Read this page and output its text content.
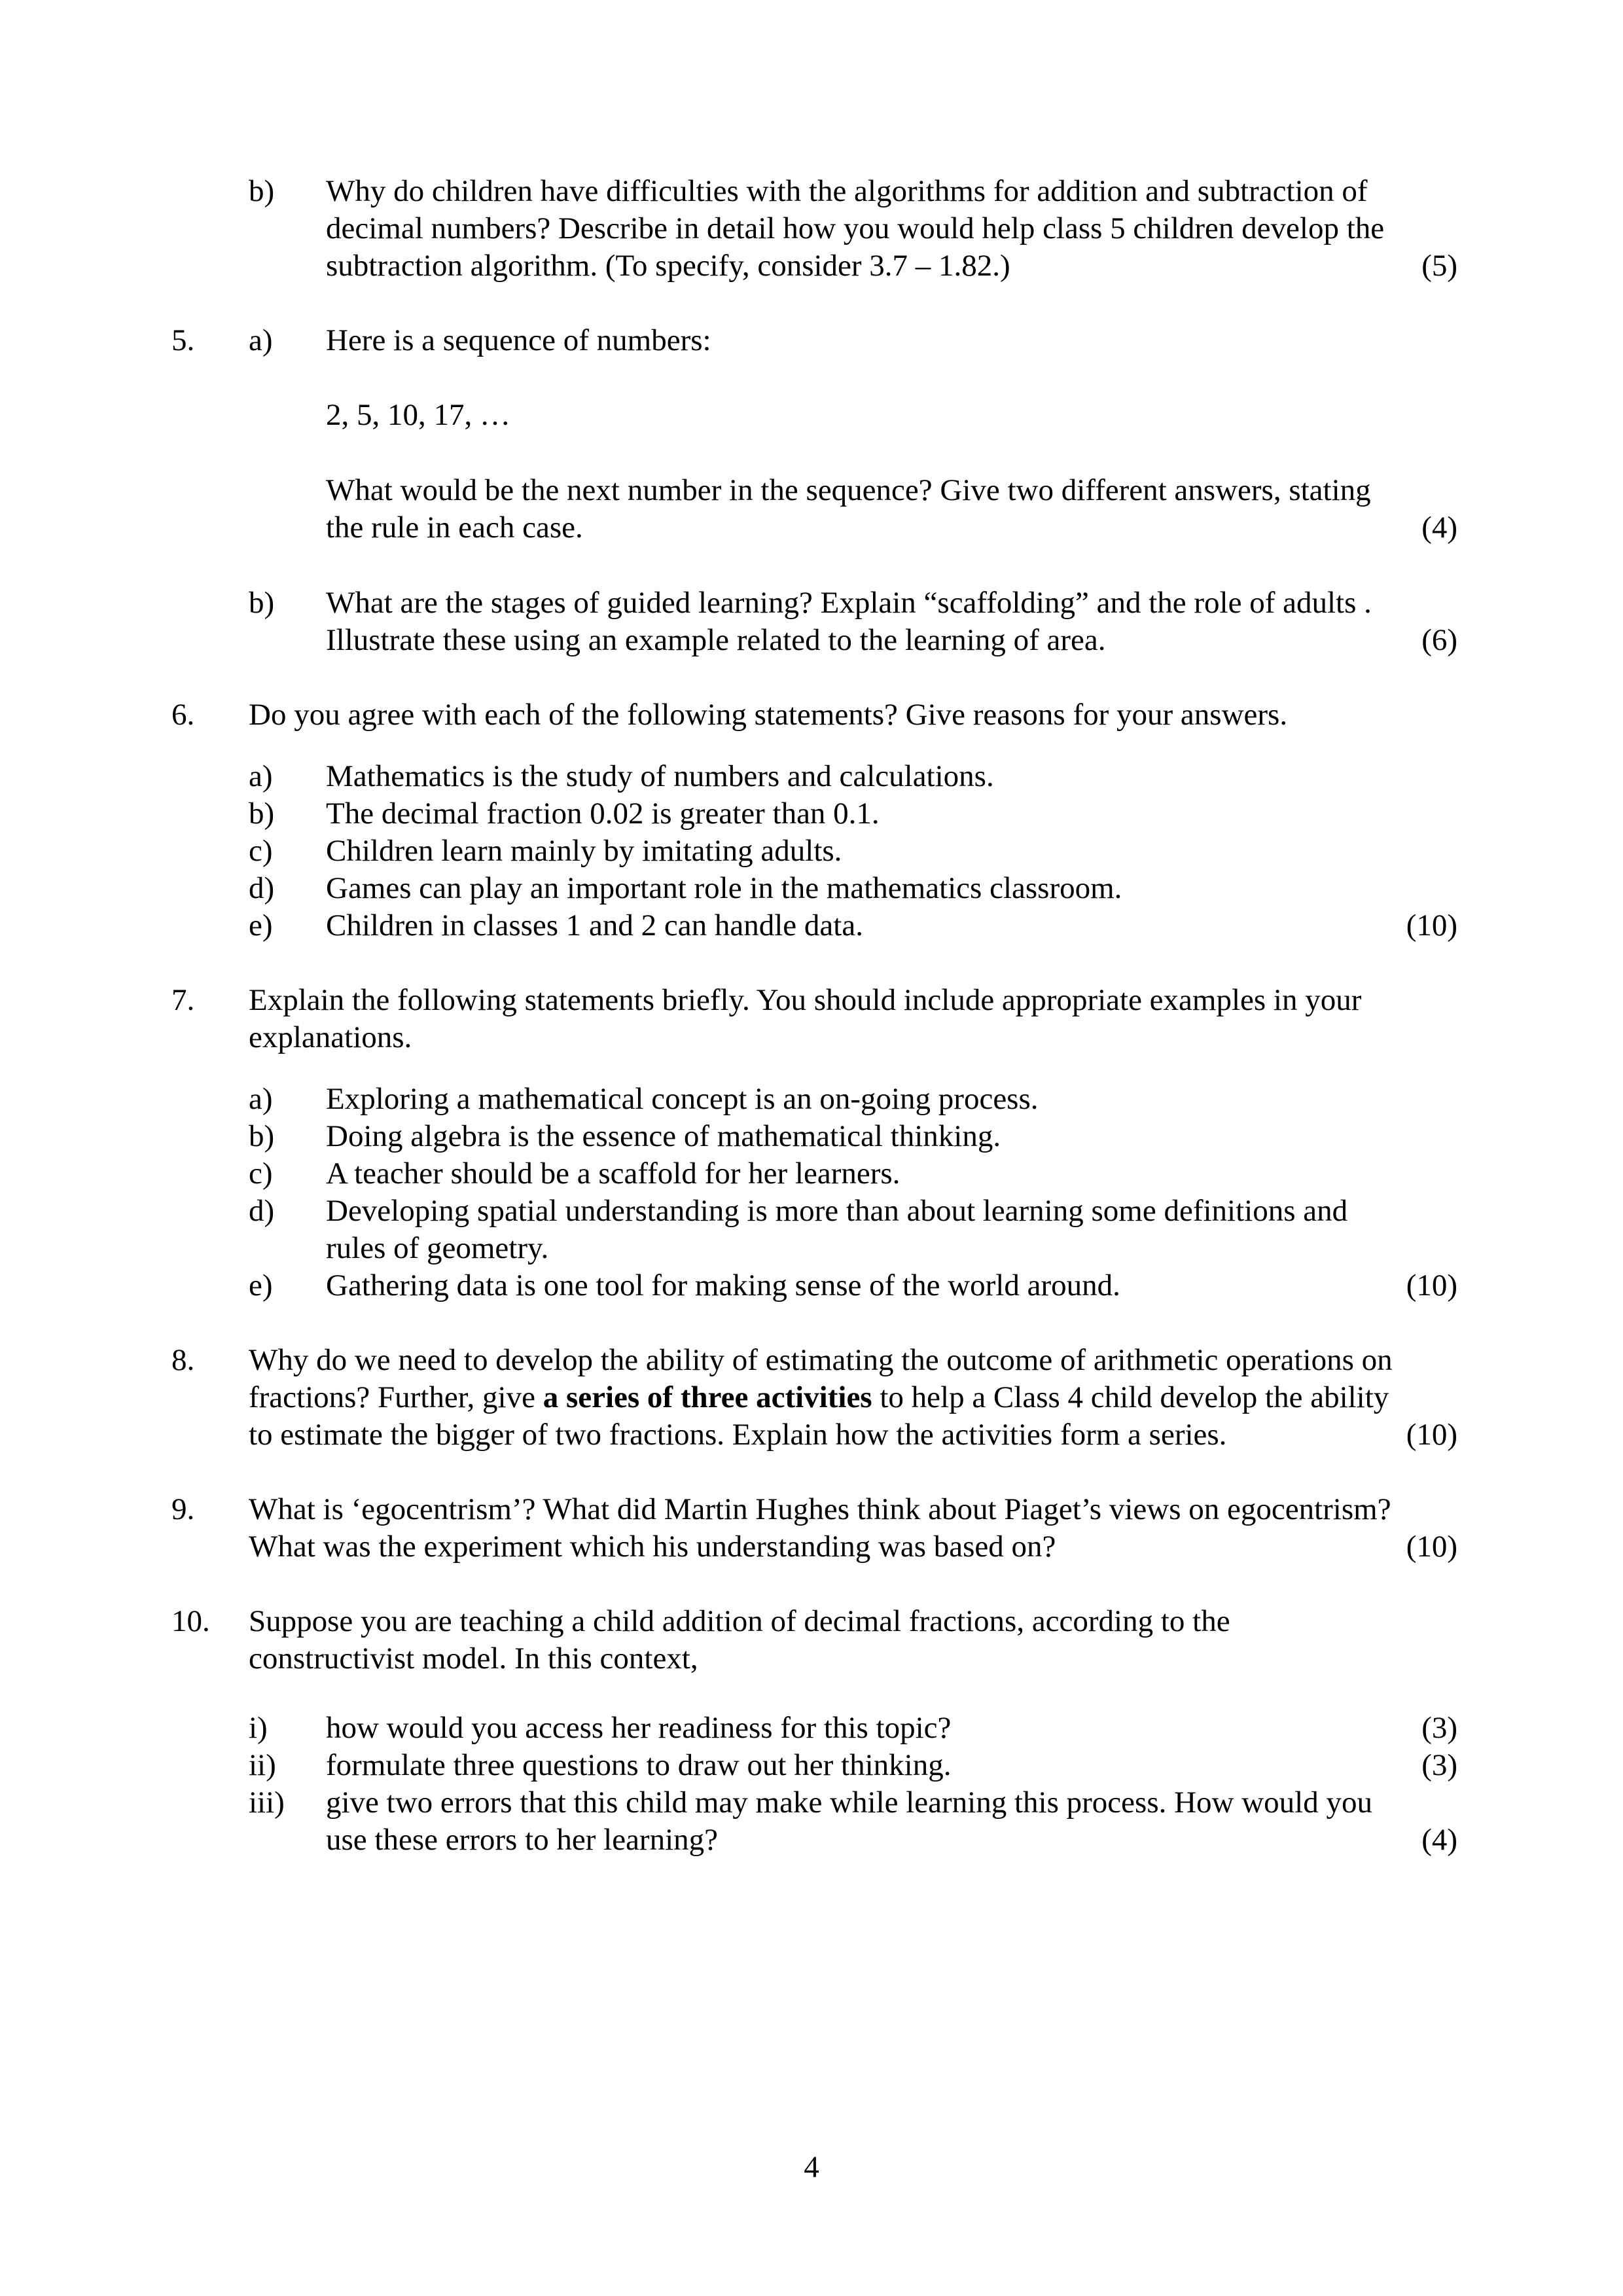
b) Why do children have difficulties with the algorithms for addition and subtraction of
decimal numbers? Describe in detail how you would help class 5 children develop the
subtraction algorithm. (To specify, consider 3.7 – 1.82.)	(5)
5. a) Here is a sequence of numbers:
2, 5, 10, 17, …
What would be the next number in the sequence? Give two different answers, stating
the rule in each case.	(4)
b) What are the stages of guided learning? Explain “scaffolding” and the role of adults .
Illustrate these using an example related to the learning of area.	(6)
6. Do you agree with each of the following statements? Give reasons for your answers.
a) Mathematics is the study of numbers and calculations.
b) The decimal fraction 0.02 is greater than 0.1.
c) Children learn mainly by imitating adults.
d) Games can play an important role in the mathematics classroom.
e) Children in classes 1 and 2 can handle data.	(10)
7. Explain the following statements briefly. You should include appropriate examples in your
explanations.
a) Exploring a mathematical concept is an on-going process.
b) Doing algebra is the essence of mathematical thinking.
c) A teacher should be a scaffold for her learners.
d) Developing spatial understanding is more than about learning some definitions and
rules of geometry.
e) Gathering data is one tool for making sense of the world around.	(10)
8. Why do we need to develop the ability of estimating the outcome of arithmetic operations on
fractions? Further, give a series of three activities to help a Class 4 child develop the ability
to estimate the bigger of two fractions. Explain how the activities form a series.	(10)
9. What is ‘egocentrism’? What did Martin Hughes think about Piaget’s views on egocentrism?
What was the experiment which his understanding was based on?	(10)
10. Suppose you are teaching a child addition of decimal fractions, according to the
constructivist model. In this context,
i) how would you access her readiness for this topic?	(3)
ii) formulate three questions to draw out her thinking.	(3)
iii) give two errors that this child may make while learning this process. How would you
use these errors to her learning?	(4)
4
